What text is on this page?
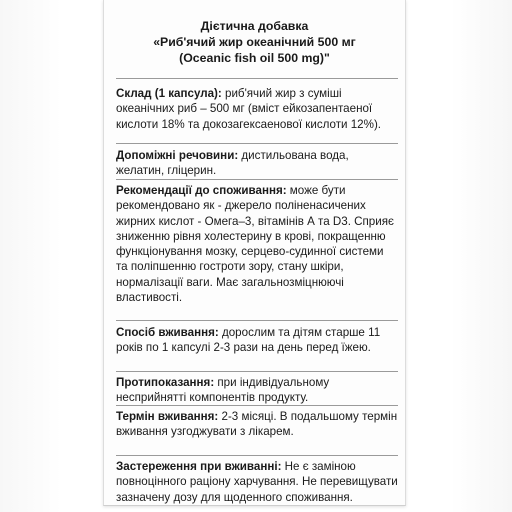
Дієтична добавка
«Риб'ячий жир океанічний 500 мг
(Oceanic fish oil 500 mg)"
Склад (1 капсула): риб'ячий жир з суміші океанічних риб – 500 мг (вміст ейкозапентаеної кислоти 18% та докозагексаенової кислоти 12%).
Допоміжні речовини: дистильована вода, желатин, гліцерин.
Рекомендації до споживання: може бути рекомендовано як - джерело поліненасичених жирних кислот - Омега–3, вітамінів А та D3. Сприяє зниженню рівня холестерину в крові, покращенню функціонування мозку, серцево-судинної системи та поліпшенню гостроти зору, стану шкіри, нормалізації ваги. Має загальнозміцнюючі властивості.
Спосіб вживання: дорослим та дітям старше 11 років по 1 капсулі 2-3 рази на день перед їжею.
Протипоказання: при індивідуальному несприйнятті компонентів продукту.
Термін вживання: 2-3 місяці. В подальшому термін вживання узгоджувати з лікарем.
Застереження при вживанні: Не є заміною повноцінного раціону харчування. Не перевищувати зазначену дозу для щоденного споживання.
